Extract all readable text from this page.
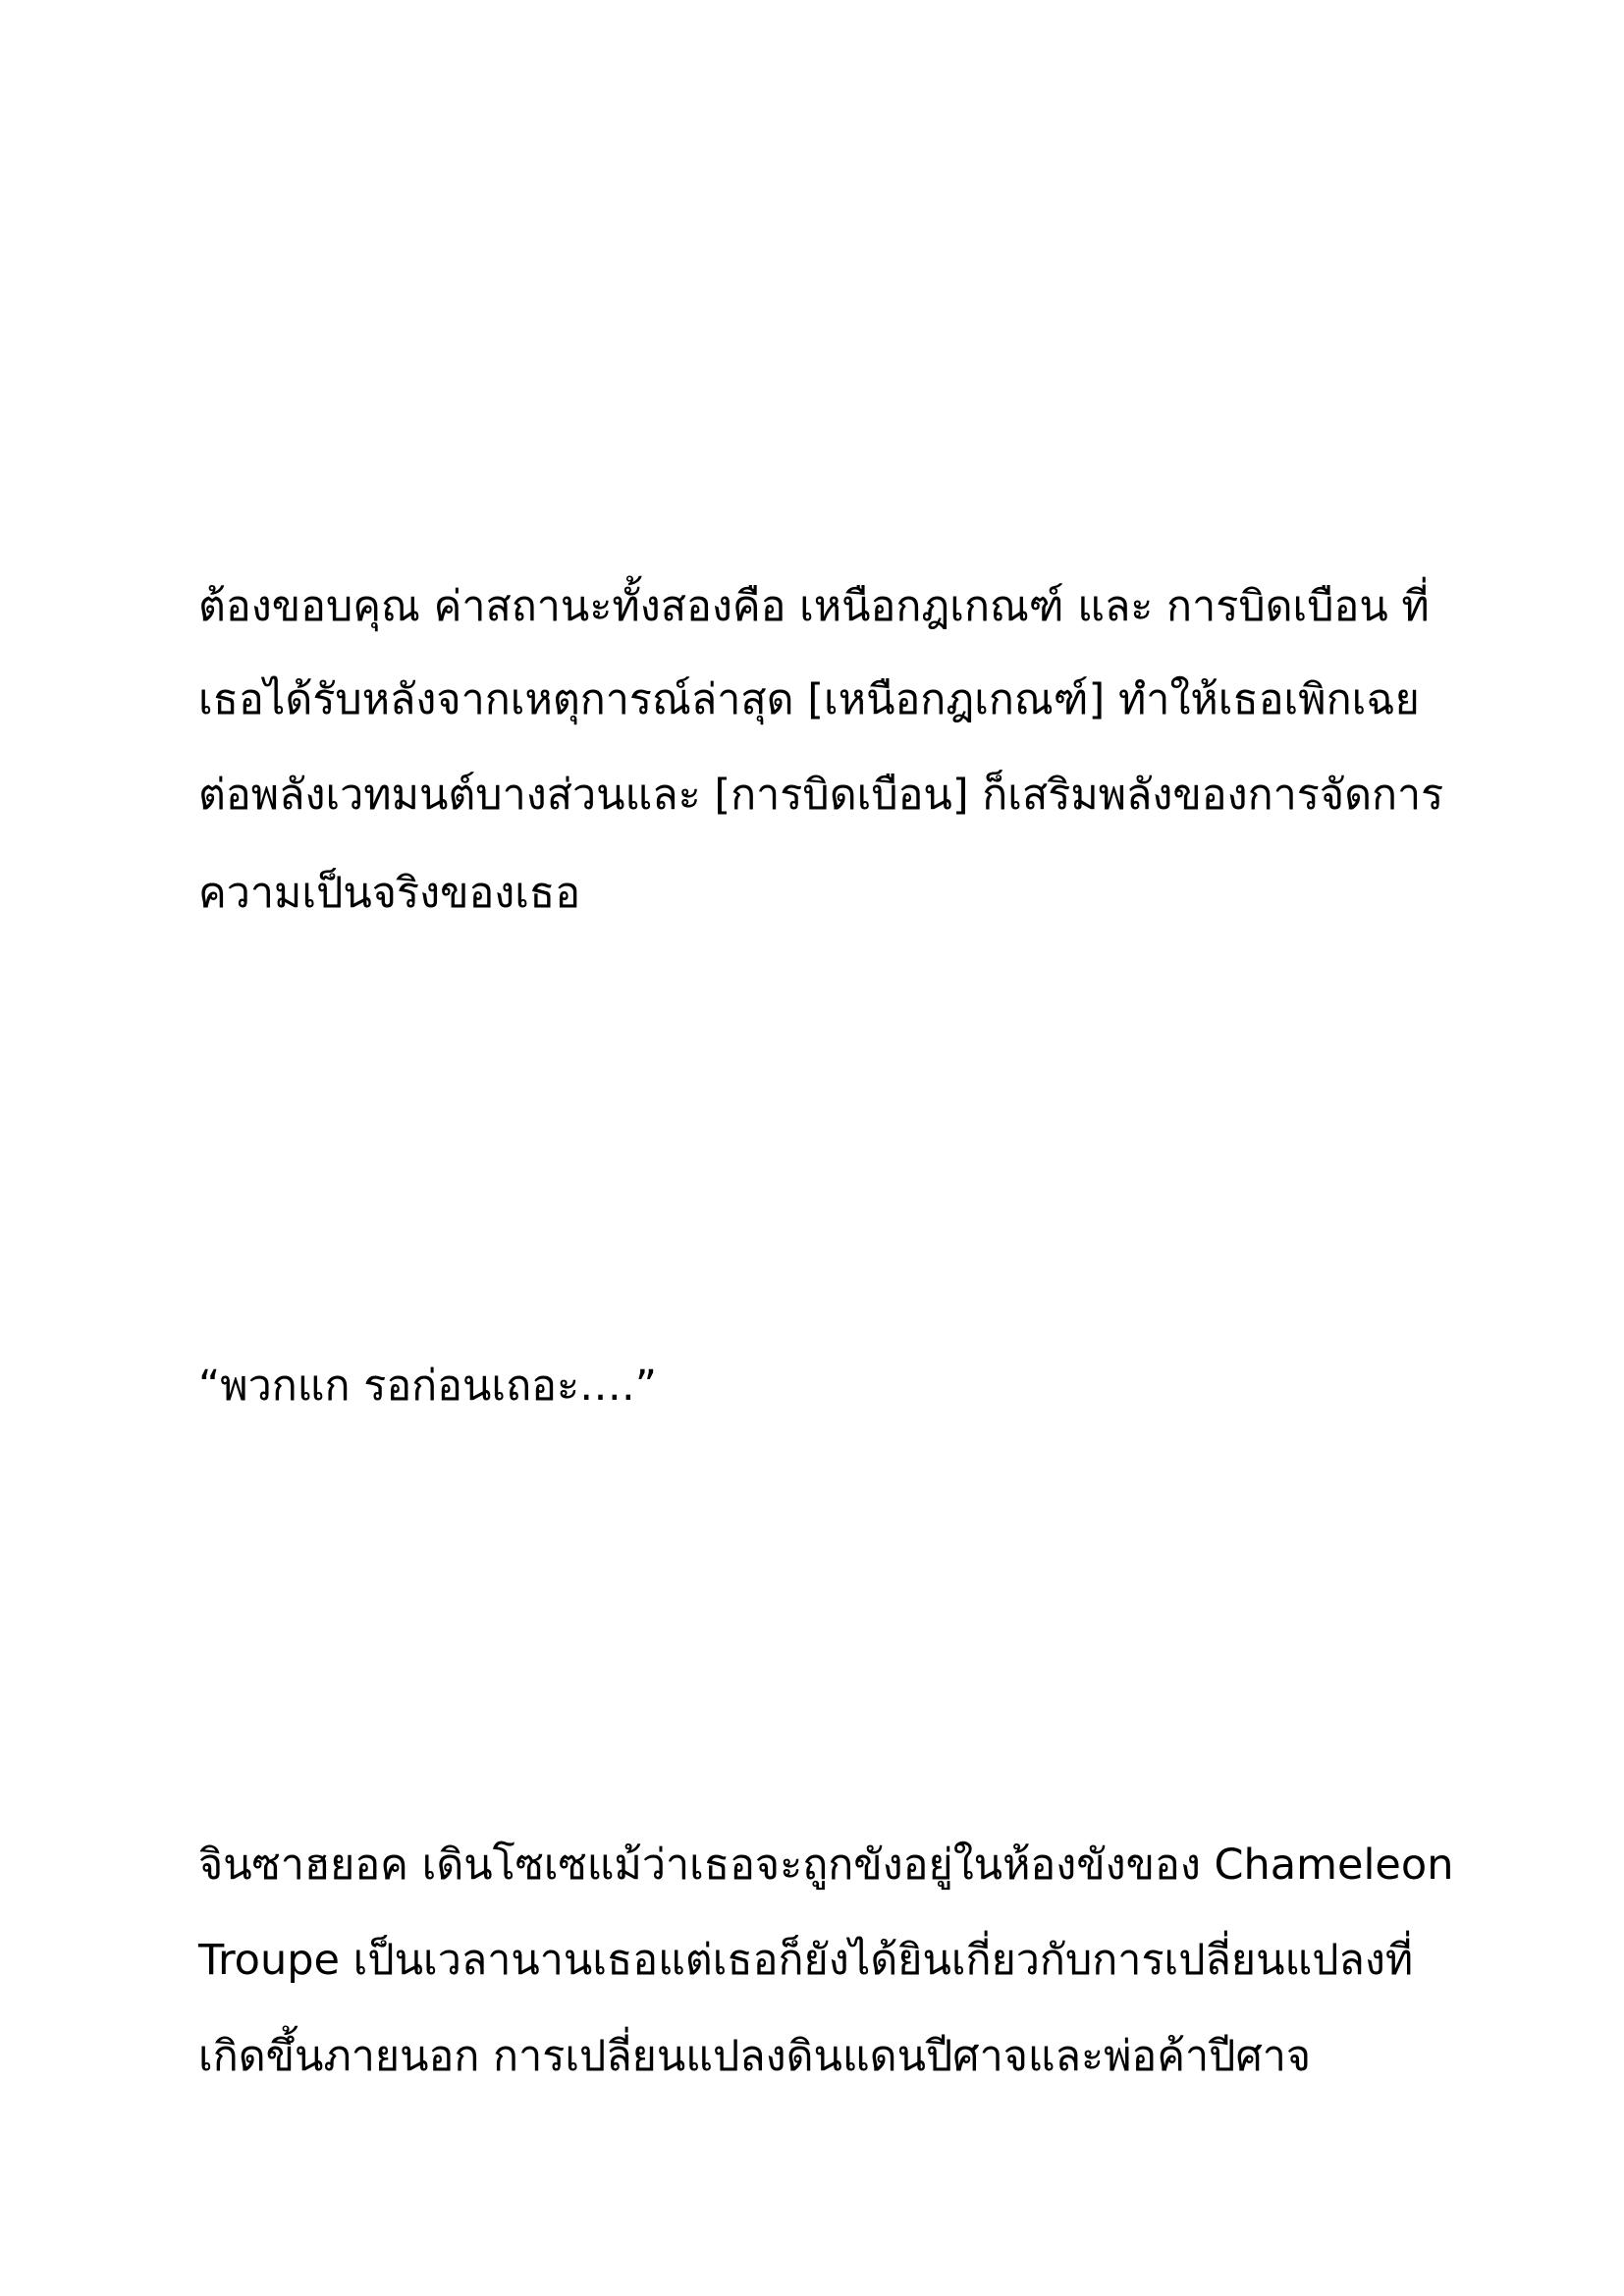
ต้องขอบคุณ ค่าสถานะทั้งสองคือ เหนือกฎเกณฑ์ และ การบิดเบือน ที่
เธอได้รับหลังจากเหตุการณ์ล่าสุด [เหนือกฎเกณฑ์] ทำให้เธอเพิกเฉย
ต่อพลังเวทมนต์บางส่วนและ [การบิดเบือน] ก็เสริมพลังของการจัดการ
ความเป็นจริงของเธอ
“พวกแก รอก่อนเถอะ….”
จินซาฮยอค เดินโซเซแม้ว่าเธอจะถูกขังอยู่ในห้องขังของ Chameleon
Troupe เป็นเวลานานเธอแต่เธอก็ยังได้ยินเกี่ยวกับการเปลี่ยนแปลงที่
เกิดขึ้นภายนอก การเปลี่ยนแปลงดินแดนปีศาจและพ่อค้าปีศาจ
